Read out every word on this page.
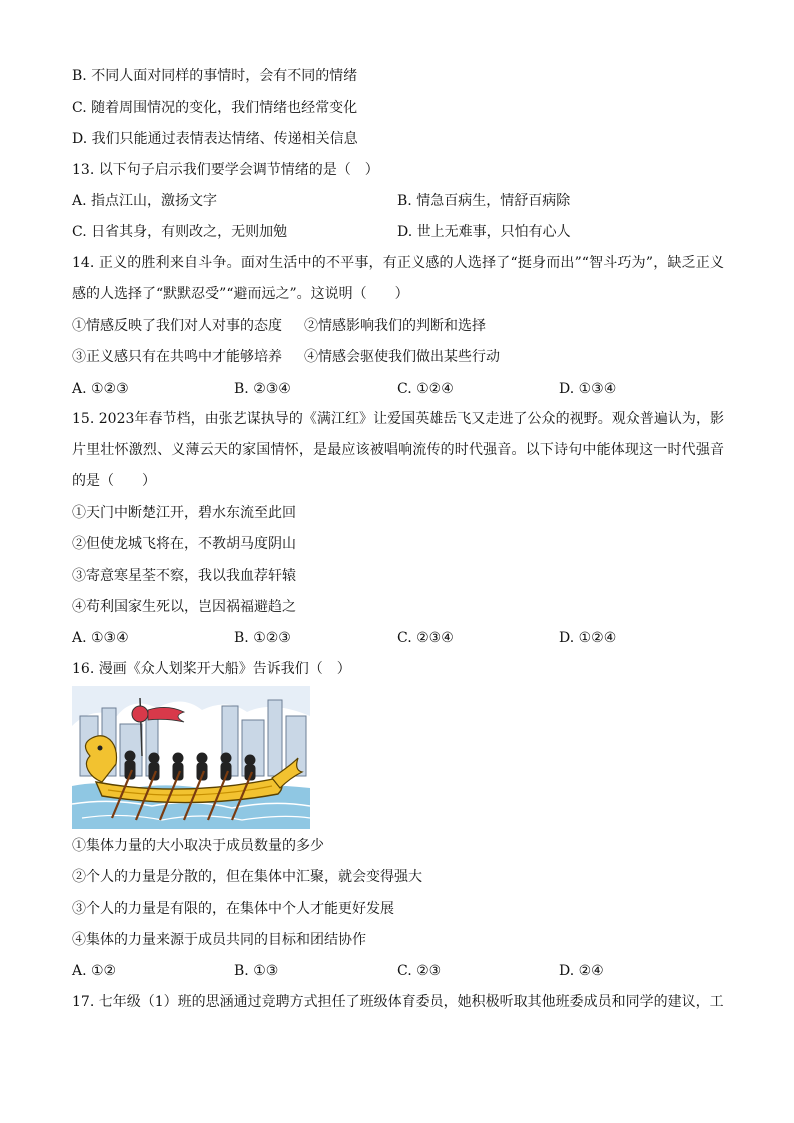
B. 不同人面对同样的事情时，会有不同的情绪
C. 随着周围情况的变化，我们情绪也经常变化
D. 我们只能通过表情表达情绪、传递相关信息
13. 以下句子启示我们要学会调节情绪的是（　）
A. 指点江山，激扬文字	B. 情急百病生，情舒百病除
C. 日省其身，有则改之，无则加勉	D. 世上无难事，只怕有心人
14. 正义的胜利来自斗争。面对生活中的不平事，有正义感的人选择了“挺身而出”“智斗巧为”，缺乏正义感的人选择了“默默忍受”“避而远之”。这说明（　　）
①情感反映了我们对人对事的态度 ②情感影响我们的判断和选择
③正义感只有在共鸣中才能够培养 ④情感会驱使我们做出某些行动
A. ①②③	B. ②③④	C. ①②④	D. ①③④
15. 2023年春节档，由张艺谋执导的《满江红》让爱国英雄岳飞又走进了公众的视野。观众普遍认为，影片里壮怀激烈、义薄云天的家国情怀，是最应该被唱响流传的时代强音。以下诗句中能体现这一时代强音的是（　　）
①天门中断楚江开，碧水东流至此回
②但使龙城飞将在，不教胡马度阴山
③寄意寒星荃不察，我以我血荐轩辕
④苟利国家生死以，岂因祸福避趋之
A. ①③④	B. ①②③	C. ②③④	D. ①②④
16. 漫画《众人划桨开大船》告诉我们（　）
①集体力量的大小取决于成员数量的多少
②个人的力量是分散的，但在集体中汇聚，就会变得强大
③个人的力量是有限的，在集体中个人才能更好发展
④集体的力量来源于成员共同的目标和团结协作
A. ①②	B. ①③	C. ②③	D. ②④
17. 七年级（1）班的思涵通过竞聘方式担任了班级体育委员，她积极听取其他班委成员和同学的建议，工
